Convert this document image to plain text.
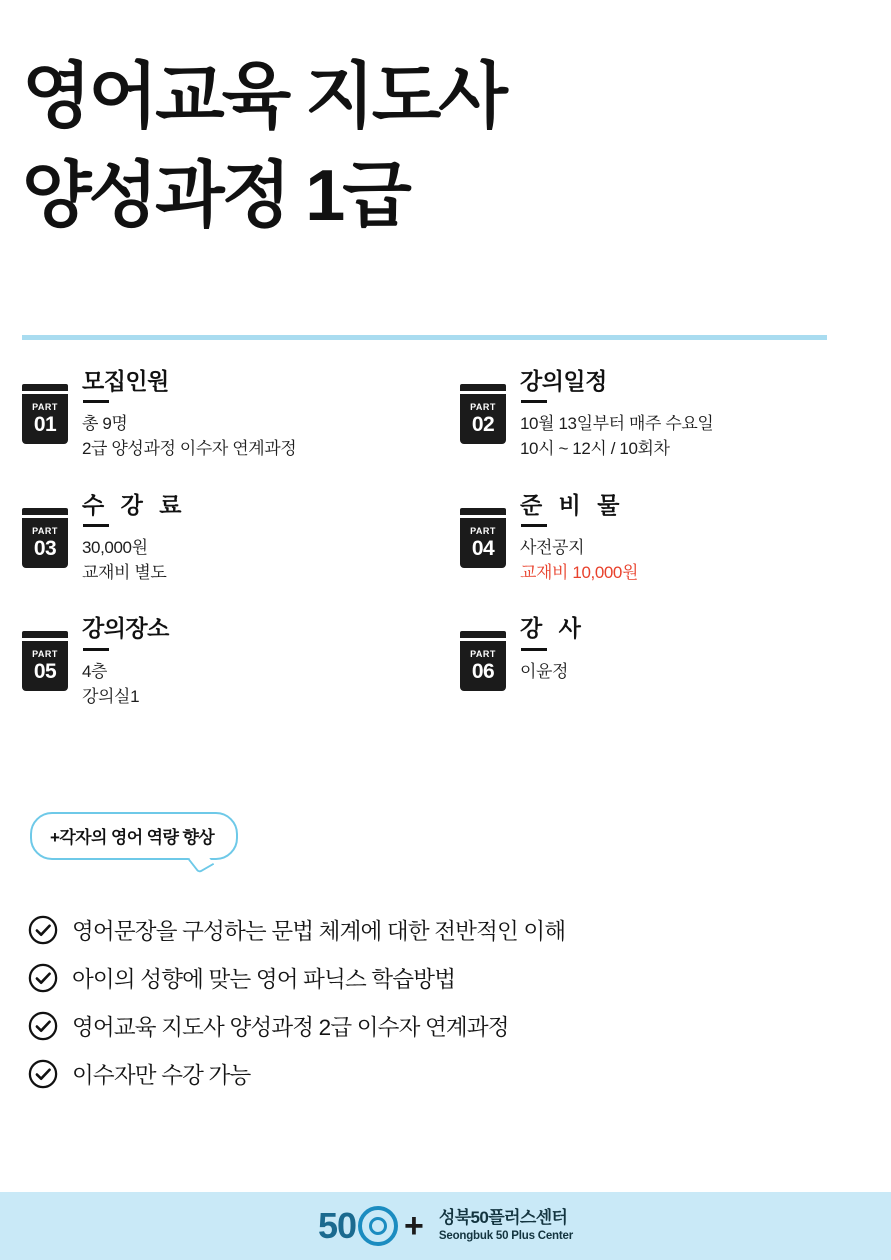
영어교육 지도사
양성과정 1급
PART
01
모집인원
총 9명
2급 양성과정 이수자 연계과정
PART
02
강의일정
10월 13일부터 매주 수요일
10시 ~ 12시 / 10회차
PART
03
수 강 료
30,000원
교재비 별도
PART
04
준 비 물
사전공지
교재비 10,000원
PART
05
강의장소
4층
강의실1
PART
06
강 사
이윤정
+각자의 영어 역량 향상
영어문장을 구성하는 문법 체계에 대한 전반적인 이해
아이의 성향에 맞는 영어 파닉스 학습방법
영어교육 지도사 양성과정 2급 이수자 연계과정
이수자만 수강 가능
50 + 성북50플러스센터
Seongbuk 50 Plus Center
